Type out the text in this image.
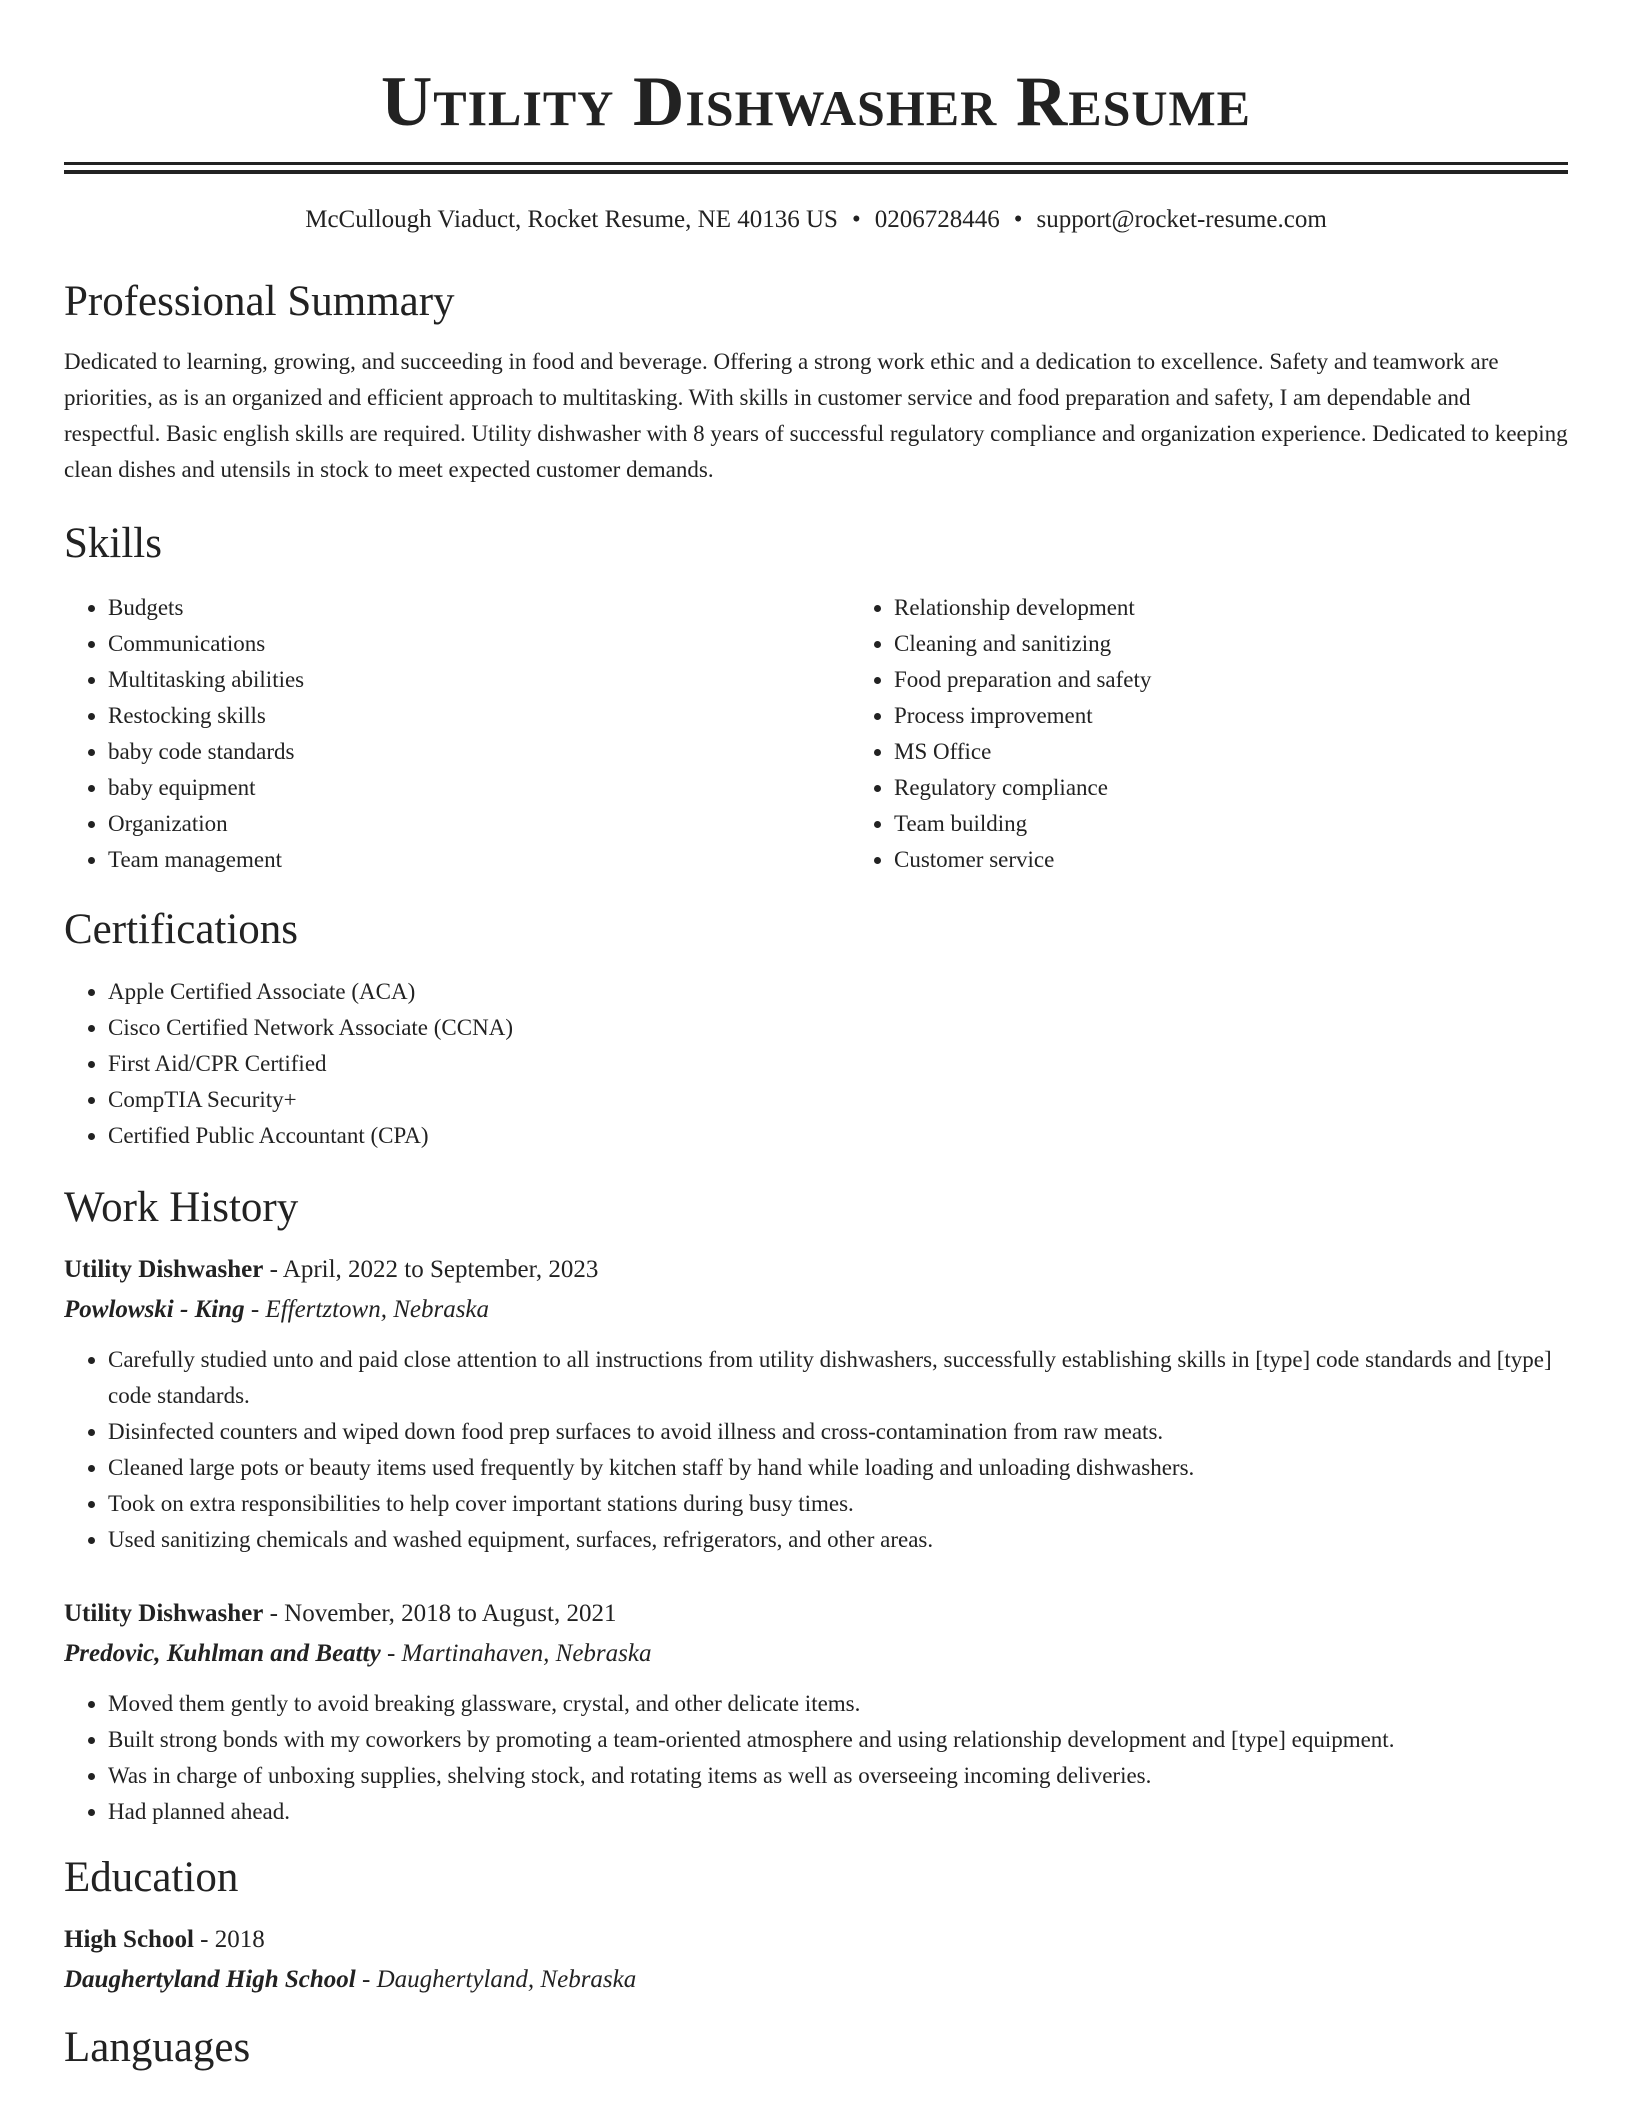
Utility Dishwasher Resume
McCullough Viaduct, Rocket Resume, NE 40136 US • 0206728446 • support@rocket-resume.com
Professional Summary

Dedicated to learning, growing, and succeeding in food and beverage. Offering a strong work ethic and a dedication to excellence. Safety and teamwork are priorities, as is an organized and efficient approach to multitasking. With skills in customer service and food preparation and safety, I am dependable and respectful. Basic english skills are required. Utility dishwasher with 8 years of successful regulatory compliance and organization experience. Dedicated to keeping clean dishes and utensils in stock to meet expected customer demands.

Skills
• Budgets
• Communications
• Multitasking abilities
• Restocking skills
• baby code standards
• baby equipment
• Organization
• Team management
• Relationship development
• Cleaning and sanitizing
• Food preparation and safety
• Process improvement
• MS Office
• Regulatory compliance
• Team building
• Customer service
Certifications
• Apple Certified Associate (ACA)
• Cisco Certified Network Associate (CCNA)
• First Aid/CPR Certified
• CompTIA Security+
• Certified Public Accountant (CPA)
Work History
Utility Dishwasher - April, 2022 to September, 2023
Powlowski - King - Effertztown, Nebraska
• Carefully studied unto and paid close attention to all instructions from utility dishwashers, successfully establishing skills in [type] code standards and [type] code standards.
• Disinfected counters and wiped down food prep surfaces to avoid illness and cross-contamination from raw meats.
• Cleaned large pots or beauty items used frequently by kitchen staff by hand while loading and unloading dishwashers.
• Took on extra responsibilities to help cover important stations during busy times.
• Used sanitizing chemicals and washed equipment, surfaces, refrigerators, and other areas.
Utility Dishwasher - November, 2018 to August, 2021
Predovic, Kuhlman and Beatty - Martinahaven, Nebraska
• Moved them gently to avoid breaking glassware, crystal, and other delicate items.
• Built strong bonds with my coworkers by promoting a team-oriented atmosphere and using relationship development and [type] equipment.
• Was in charge of unboxing supplies, shelving stock, and rotating items as well as overseeing incoming deliveries.
• Had planned ahead.
Education
High School - 2018
Daughertyland High School - Daughertyland, Nebraska
Languages
